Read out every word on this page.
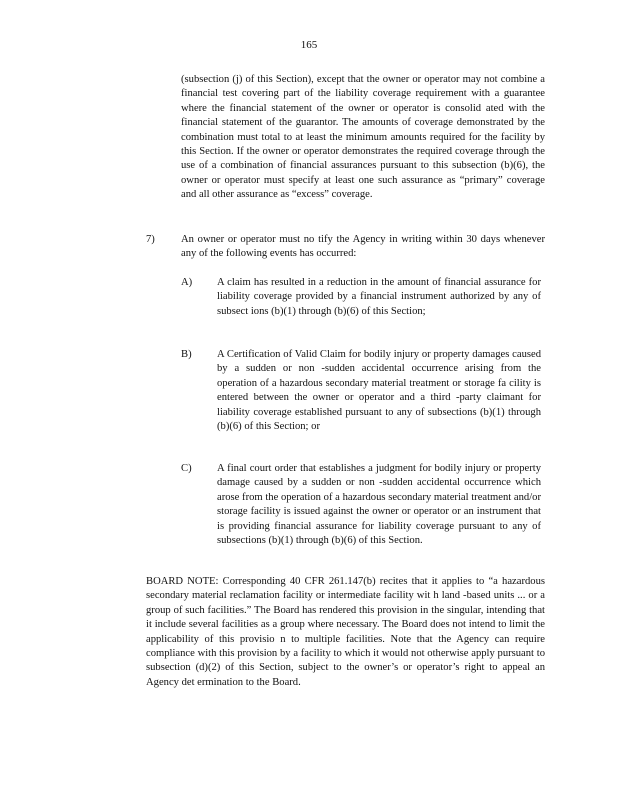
165

(subsection (j) of this Section), except that the owner or operator may not combine a financial test covering part of the liability coverage requirement with a guarantee where the financial statement of the owner or operator is consolid ated with the financial statement of the guarantor. The amounts of coverage demonstrated by the combination must total to at least the minimum amounts required for the facility by this Section. If the owner or operator demonstrates the required coverage through the use of a combination of financial assurances pursuant to this subsection (b)(6), the owner or operator must specify at least one such assurance as “primary” coverage and all other assurance as “excess” coverage.

7) An owner or operator must no tify the Agency in writing within 30 days whenever any of the following events has occurred:

A) A claim has resulted in a reduction in the amount of financial assurance for liability coverage provided by a financial instrument authorized by any of subsect ions (b)(1) through (b)(6) of this Section;

B) A Certification of Valid Claim for bodily injury or property damages caused by a sudden or non -sudden accidental occurrence arising from the operation of a hazardous secondary material treatment or storage fa cility is entered between the owner or operator and a third -party claimant for liability coverage established pursuant to any of subsections (b)(1) through (b)(6) of this Section; or

C) A final court order that establishes a judgment for bodily injury or property damage caused by a sudden or non -sudden accidental occurrence which arose from the operation of a hazardous secondary material treatment and/or storage facility is issued against the owner or operator or an instrument that is providing financial assurance for liability coverage pursuant to any of subsections (b)(1) through (b)(6) of this Section.

BOARD NOTE: Corresponding 40 CFR 261.147(b) recites that it applies to “a hazardous secondary material reclamation facility or intermediate facility wit h land -based units ... or a group of such facilities.” The Board has rendered this provision in the singular, intending that it include several facilities as a group where necessary. The Board does not intend to limit the applicability of this provisio n to multiple facilities. Note that the Agency can require compliance with this provision by a facility to which it would not otherwise apply pursuant to subsection (d)(2) of this Section, subject to the owner’s or operator’s right to appeal an Agency det ermination to the Board.
